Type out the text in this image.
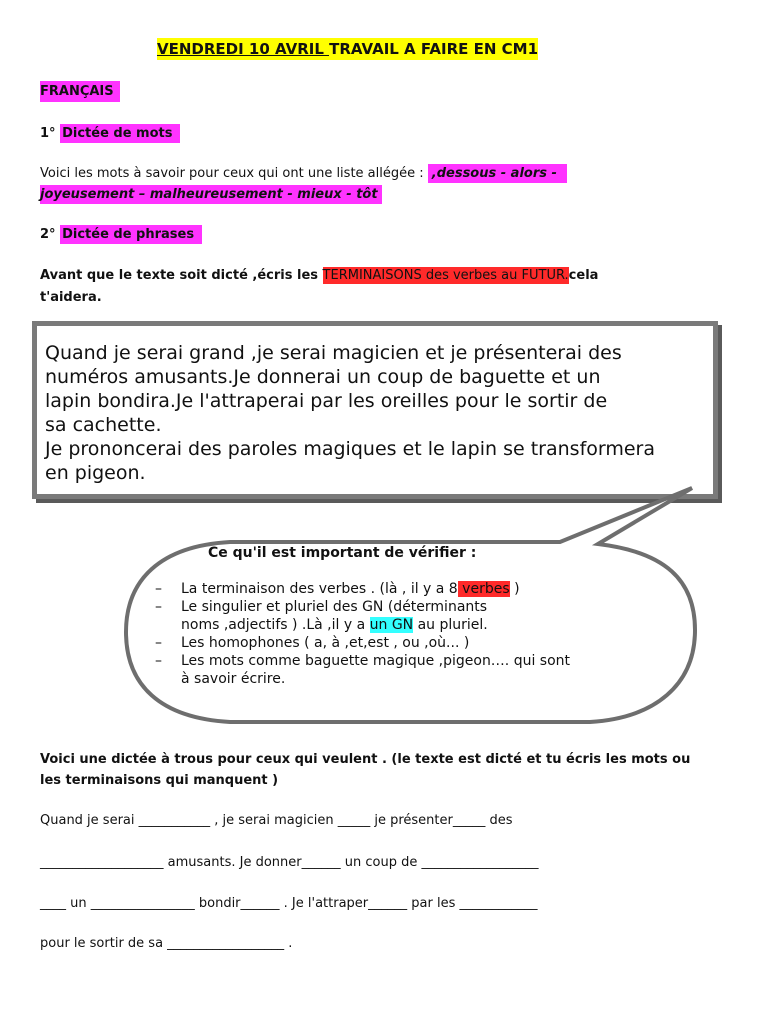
VENDREDI 10 AVRIL TRAVAIL A FAIRE EN CM1
FRANÇAIS
1° Dictée de mots
Voici les mots à savoir pour ceux qui ont une liste allégée : ,dessous - alors -
joyeusement – malheureusement - mieux - tôt
2° Dictée de phrases
Avant que le texte soit dicté ,écris les TERMINAISONS des verbes au FUTUR.cela
t'aidera.
Quand je serai grand ,je serai magicien et je présenterai des
numéros amusants.Je donnerai un coup de baguette et un
lapin bondira.Je l'attraperai par les oreilles pour le sortir de
sa cachette.
Je prononcerai des paroles magiques et le lapin se transformera
en pigeon.
Ce qu'il est important de vérifier :
– La terminaison des verbes . (là , il y a 8 verbes )
– Le singulier et pluriel des GN (déterminants
noms ,adjectifs ) .Là ,il y a un GN au pluriel.
– Les homophones ( a, à ,et,est , ou ,où... )
– Les mots comme baguette magique ,pigeon…. qui sont
à savoir écrire.
Voici une dictée à trous pour ceux qui veulent . (le texte est dicté et tu écris les mots ou
les terminaisons qui manquent )
Quand je serai ___________ , je serai magicien _____ je présenter_____ des
___________________ amusants. Je donner______ un coup de __________________
____ un ________________ bondir______ . Je l'attraper______ par les ____________
pour le sortir de sa __________________ .
